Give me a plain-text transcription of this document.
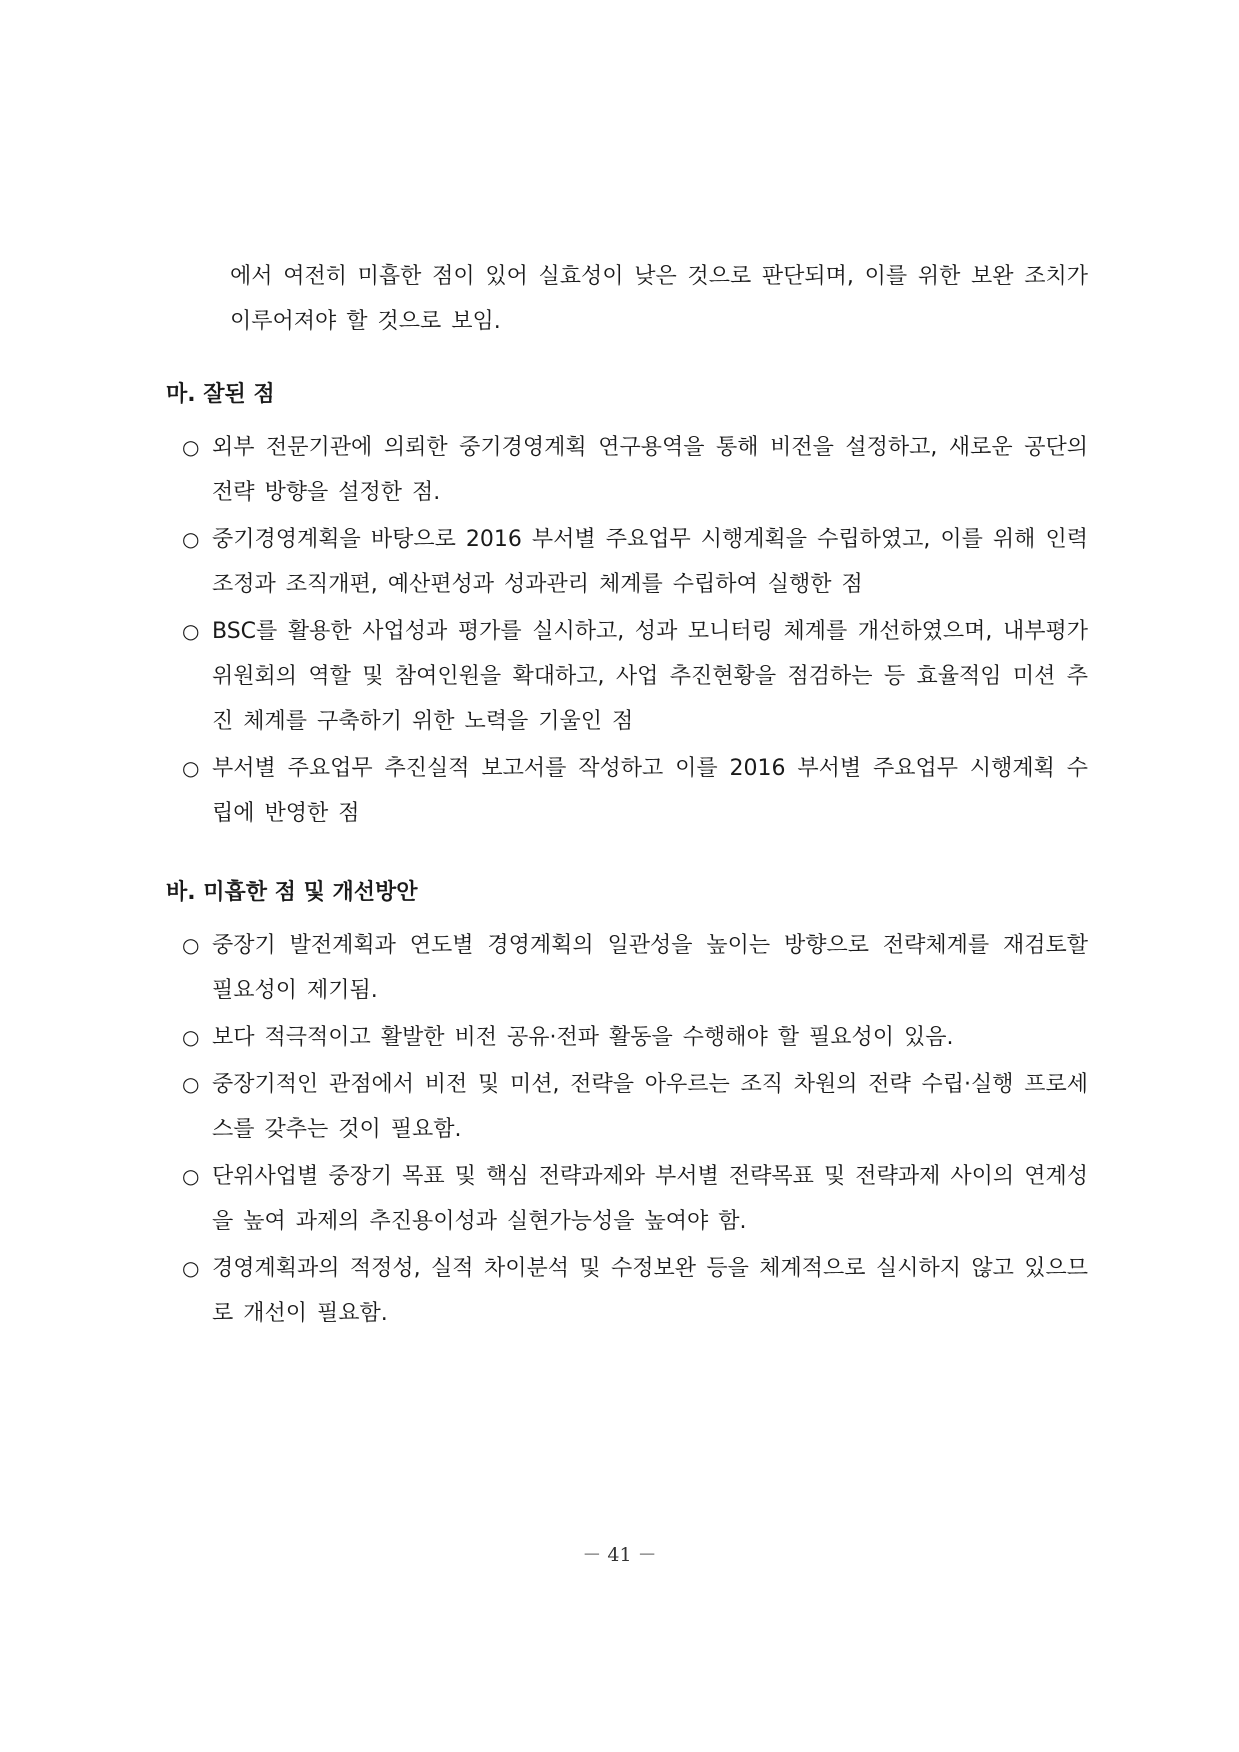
에서 여전히 미흡한 점이 있어 실효성이 낮은 것으로 판단되며, 이를 위한 보완 조치가 이루어져야 할 것으로 보임.

마. 잘된 점
○ 외부 전문기관에 의뢰한 중기경영계획 연구용역을 통해 비전을 설정하고, 새로운 공단의 전략 방향을 설정한 점.
○ 중기경영계획을 바탕으로 2016 부서별 주요업무 시행계획을 수립하였고, 이를 위해 인력조정과 조직개편, 예산편성과 성과관리 체계를 수립하여 실행한 점
○ BSC를 활용한 사업성과 평가를 실시하고, 성과 모니터링 체계를 개선하였으며, 내부평가위원회의 역할 및 참여인원을 확대하고, 사업 추진현황을 점검하는 등 효율적임 미션 추진 체계를 구축하기 위한 노력을 기울인 점
○ 부서별 주요업무 추진실적 보고서를 작성하고 이를 2016 부서별 주요업무 시행계획 수립에 반영한 점
바. 미흡한 점 및 개선방안
○ 중장기 발전계획과 연도별 경영계획의 일관성을 높이는 방향으로 전략체계를 재검토할 필요성이 제기됨.
○ 보다 적극적이고 활발한 비전 공유·전파 활동을 수행해야 할 필요성이 있음.
○ 중장기적인 관점에서 비전 및 미션, 전략을 아우르는 조직 차원의 전략 수립·실행 프로세스를 갖추는 것이 필요함.
○ 단위사업별 중장기 목표 및 핵심 전략과제와 부서별 전략목표 및 전략과제 사이의 연계성을 높여 과제의 추진용이성과 실현가능성을 높여야 함.
○ 경영계획과의 적정성, 실적 차이분석 및 수정보완 등을 체계적으로 실시하지 않고 있으므로 개선이 필요함.
－ 41 －
